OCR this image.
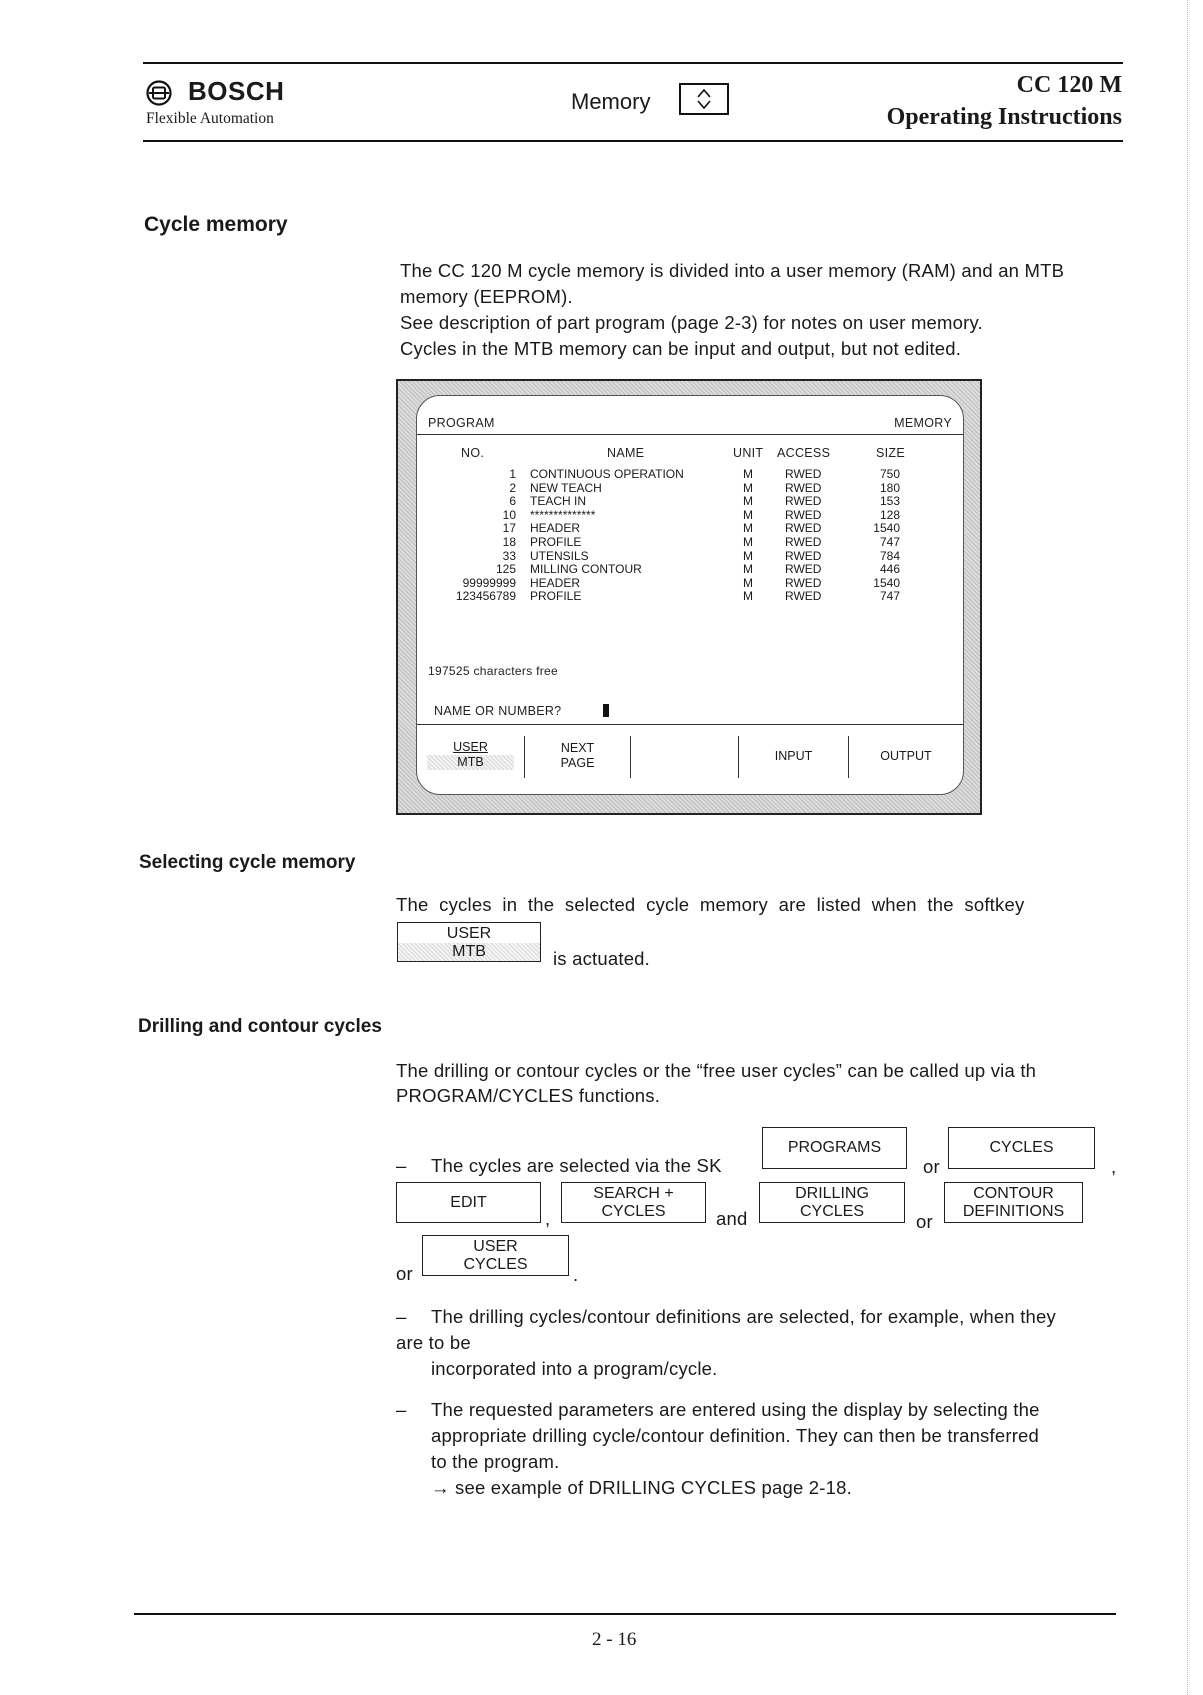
BOSCH
Flexible Automation
Memory
CC 120 M
Operating Instructions
Cycle memory
The CC 120 M cycle memory is divided into a user memory (RAM) and an MTB
memory (EEPROM).
See description of part program (page 2-3) for notes on user memory.
Cycles in the MTB memory can be input and output, but not edited.
PROGRAM	MEMORY
NO.	NAME	UNIT ACCESS	SIZE
1 CONTINUOUS OPERATION	M	RWED	750
2 NEW TEACH	M	RWED	180
6 TEACH IN	M	RWED	153
10 **************	M	RWED	128
17 HEADER	M	RWED	1540
18 PROFILE	M	RWED	747
33 UTENSILS	M	RWED	784
125 MILLING CONTOUR	M	RWED	446
99999999 HEADER	M	RWED	1540
123456789 PROFILE	M	RWED	747
197525 characters free
NAME OR NUMBER?
USER
MTB
NEXT
PAGE	INPUT	OUTPUT
Selecting cycle memory
The  cycles  in  the  selected  cycle  memory  are  listed  when  the  softkey
USER
MTB	is actuated.
Drilling and contour cycles
The drilling or contour cycles or the “free user cycles” can be called up via th
PROGRAM/CYCLES functions.
– The cycles are selected via the SK
PROGRAMS
or
CYCLES
,
EDIT
,
SEARCH +
CYCLES	and
DRILLING
CYCLES	or
CONTOUR
DEFINITIONS
or
USER
CYCLES	.
– The drilling cycles/contour definitions are selected, for example, when they
are to be
incorporated into a program/cycle.
– The requested parameters are entered using the display by selecting the
appropriate drilling cycle/contour definition. They can then be transferred
to the program.
→ see example of DRILLING CYCLES page 2-18.
2 - 16
